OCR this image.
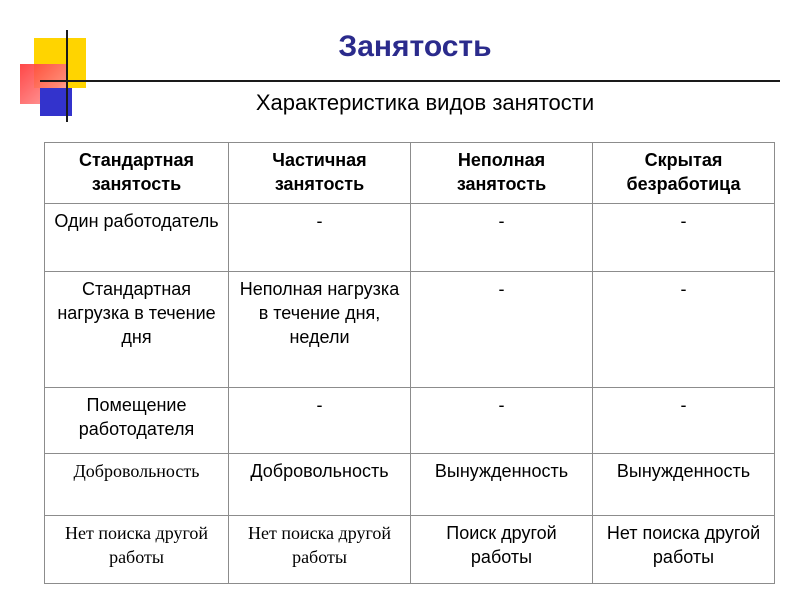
Занятость
Характеристика видов занятости
Стандартная занятость	Частичная занятость	Неполная занятость	Скрытая безработица
Один работодатель	-	-	-
Стандартная нагрузка в течение дня	Неполная нагрузка в течение дня, недели	-	-
Помещение работодателя	-	-	-
Добровольность	Добровольность	Вынужденность	Вынужденность
Нет поиска другой работы	Нет поиска другой работы	Поиск другой работы	Нет поиска другой работы
